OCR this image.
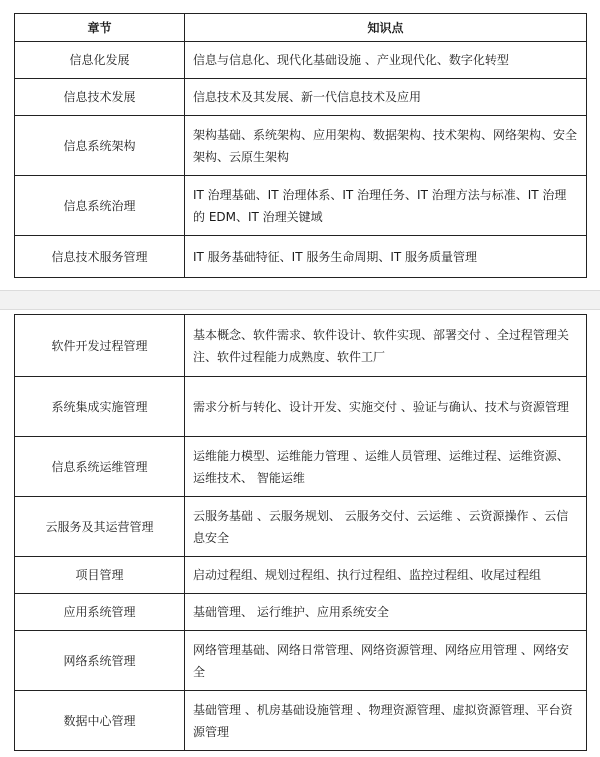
章节	知识点
信息化发展	信息与信息化、现代化基础设施 、产业现代化、数字化转型
信息技术发展	信息技术及其发展、新一代信息技术及应用
信息系统架构	架构基础、系统架构、应用架构、数据架构、技术架构、网络架构、安全架构、云原生架构
信息系统治理	IT 治理基础、IT 治理体系、IT 治理任务、IT 治理方法与标准、IT 治理的 EDM、IT 治理关键域
信息技术服务管理	IT 服务基础特征、IT 服务生命周期、IT 服务质量管理
软件开发过程管理	基本概念、软件需求、软件设计、软件实现、部署交付 、全过程管理关注、软件过程能力成熟度、软件工厂
系统集成实施管理	需求分析与转化、设计开发、实施交付 、验证与确认、技术与资源管理
信息系统运维管理	运维能力模型、运维能力管理 、运维人员管理、运维过程、运维资源、运维技术、 智能运维
云服务及其运营管理	云服务基础 、云服务规划、 云服务交付、云运维 、云资源操作 、云信息安全
项目管理	启动过程组、规划过程组、执行过程组、监控过程组、收尾过程组
应用系统管理	基础管理、 运行维护、应用系统安全
网络系统管理	网络管理基础、网络日常管理、网络资源管理、网络应用管理 、网络安全
数据中心管理	基础管理 、机房基础设施管理 、物理资源管理、虚拟资源管理、平台资源管理
